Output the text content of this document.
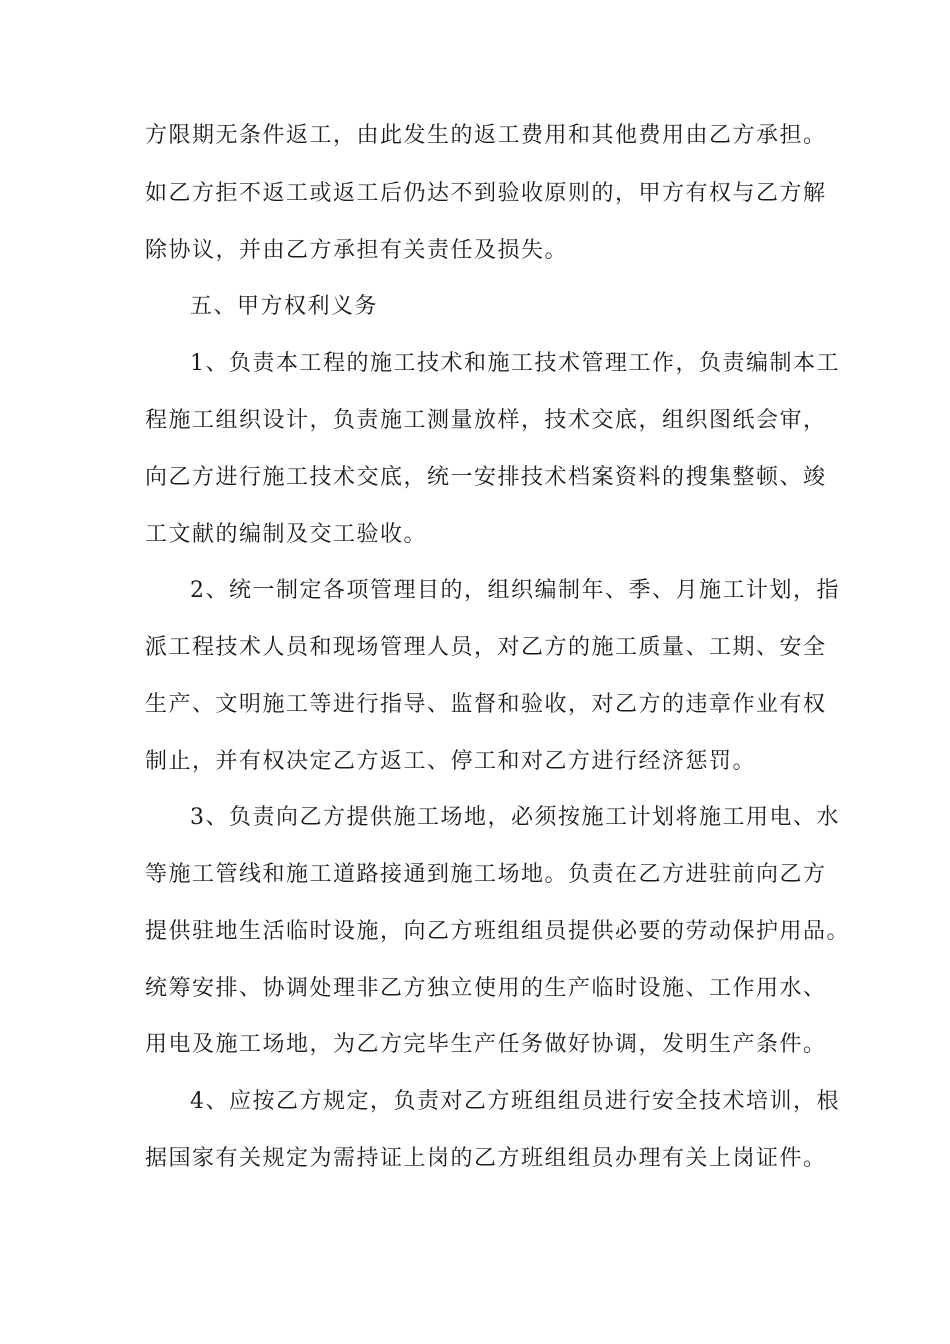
方限期无条件返工，由此发生的返工费用和其他费用由乙方承担。
如乙方拒不返工或返工后仍达不到验收原则的，甲方有权与乙方解
除协议，并由乙方承担有关责任及损失。
五、甲方权利义务
1、负责本工程的施工技术和施工技术管理工作，负责编制本工
程施工组织设计，负责施工测量放样，技术交底，组织图纸会审，
向乙方进行施工技术交底，统一安排技术档案资料的搜集整顿、竣
工文献的编制及交工验收。
2、统一制定各项管理目的，组织编制年、季、月施工计划，指
派工程技术人员和现场管理人员，对乙方的施工质量、工期、安全
生产、文明施工等进行指导、监督和验收，对乙方的违章作业有权
制止，并有权决定乙方返工、停工和对乙方进行经济惩罚。
3、负责向乙方提供施工场地，必须按施工计划将施工用电、水
等施工管线和施工道路接通到施工场地。负责在乙方进驻前向乙方
提供驻地生活临时设施，向乙方班组组员提供必要的劳动保护用品。
统筹安排、协调处理非乙方独立使用的生产临时设施、工作用水、
用电及施工场地，为乙方完毕生产任务做好协调，发明生产条件。
4、应按乙方规定，负责对乙方班组组员进行安全技术培训，根
据国家有关规定为需持证上岗的乙方班组组员办理有关上岗证件。
